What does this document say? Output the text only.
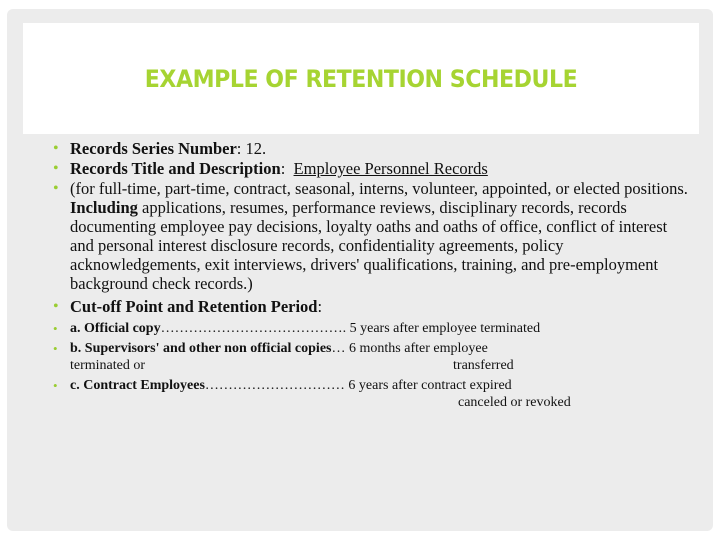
EXAMPLE OF RETENTION SCHEDULE
• Records Series Number: 12.
• Records Title and Description:  Employee Personnel Records
• (for full-time, part-time, contract, seasonal, interns, volunteer, appointed, or elected positions.  Including applications, resumes, performance reviews, disciplinary records, records documenting employee pay decisions, loyalty oaths and oaths of office, conflict of interest and personal interest disclosure records, confidentiality agreements, policy acknowledgements, exit interviews, drivers' qualifications, training, and pre-employment background check records.)
• Cut-off Point and Retention Period:
• a. Official copy…………………………………. 5 years after employee terminated
• b. Supervisors' and other non official copies… 6 months after employee
terminated or	transferred
• c. Contract Employees………………………… 6 years after contract expired
canceled or revoked
